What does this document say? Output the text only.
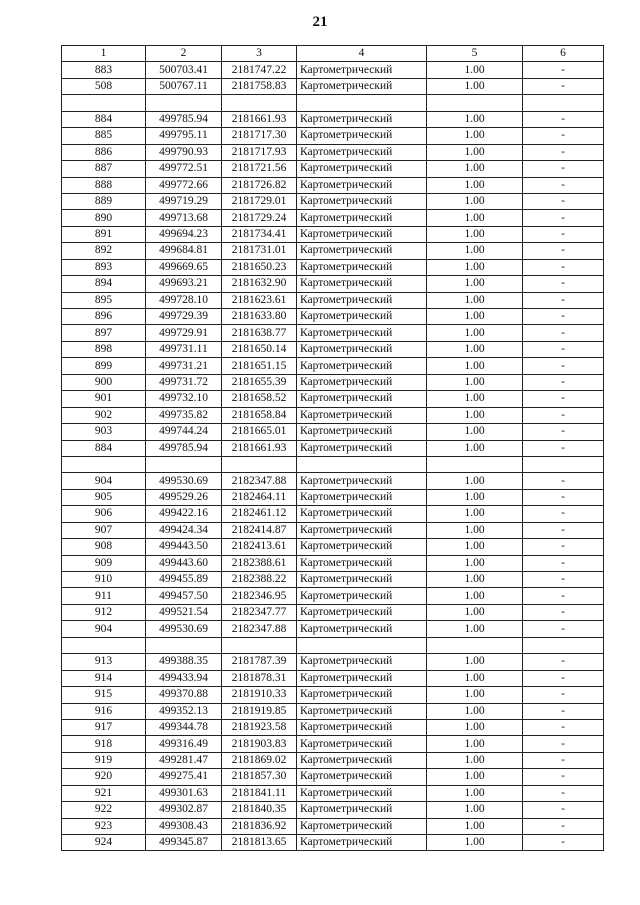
21
1	2	3	4	5	6
883	500703.41	2181747.22	Картометрический	1.00	-
508	500767.11	2181758.83	Картометрический	1.00	-

884	499785.94	2181661.93	Картометрический	1.00	-
885	499795.11	2181717.30	Картометрический	1.00	-
886	499790.93	2181717.93	Картометрический	1.00	-
887	499772.51	2181721.56	Картометрический	1.00	-
888	499772.66	2181726.82	Картометрический	1.00	-
889	499719.29	2181729.01	Картометрический	1.00	-
890	499713.68	2181729.24	Картометрический	1.00	-
891	499694.23	2181734.41	Картометрический	1.00	-
892	499684.81	2181731.01	Картометрический	1.00	-
893	499669.65	2181650.23	Картометрический	1.00	-
894	499693.21	2181632.90	Картометрический	1.00	-
895	499728.10	2181623.61	Картометрический	1.00	-
896	499729.39	2181633.80	Картометрический	1.00	-
897	499729.91	2181638.77	Картометрический	1.00	-
898	499731.11	2181650.14	Картометрический	1.00	-
899	499731.21	2181651.15	Картометрический	1.00	-
900	499731.72	2181655.39	Картометрический	1.00	-
901	499732.10	2181658.52	Картометрический	1.00	-
902	499735.82	2181658.84	Картометрический	1.00	-
903	499744.24	2181665.01	Картометрический	1.00	-
884	499785.94	2181661.93	Картометрический	1.00	-

904	499530.69	2182347.88	Картометрический	1.00	-
905	499529.26	2182464.11	Картометрический	1.00	-
906	499422.16	2182461.12	Картометрический	1.00	-
907	499424.34	2182414.87	Картометрический	1.00	-
908	499443.50	2182413.61	Картометрический	1.00	-
909	499443.60	2182388.61	Картометрический	1.00	-
910	499455.89	2182388.22	Картометрический	1.00	-
911	499457.50	2182346.95	Картометрический	1.00	-
912	499521.54	2182347.77	Картометрический	1.00	-
904	499530.69	2182347.88	Картометрический	1.00	-

913	499388.35	2181787.39	Картометрический	1.00	-
914	499433.94	2181878.31	Картометрический	1.00	-
915	499370.88	2181910.33	Картометрический	1.00	-
916	499352.13	2181919.85	Картометрический	1.00	-
917	499344.78	2181923.58	Картометрический	1.00	-
918	499316.49	2181903.83	Картометрический	1.00	-
919	499281.47	2181869.02	Картометрический	1.00	-
920	499275.41	2181857.30	Картометрический	1.00	-
921	499301.63	2181841.11	Картометрический	1.00	-
922	499302.87	2181840.35	Картометрический	1.00	-
923	499308.43	2181836.92	Картометрический	1.00	-
924	499345.87	2181813.65	Картометрический	1.00	-
